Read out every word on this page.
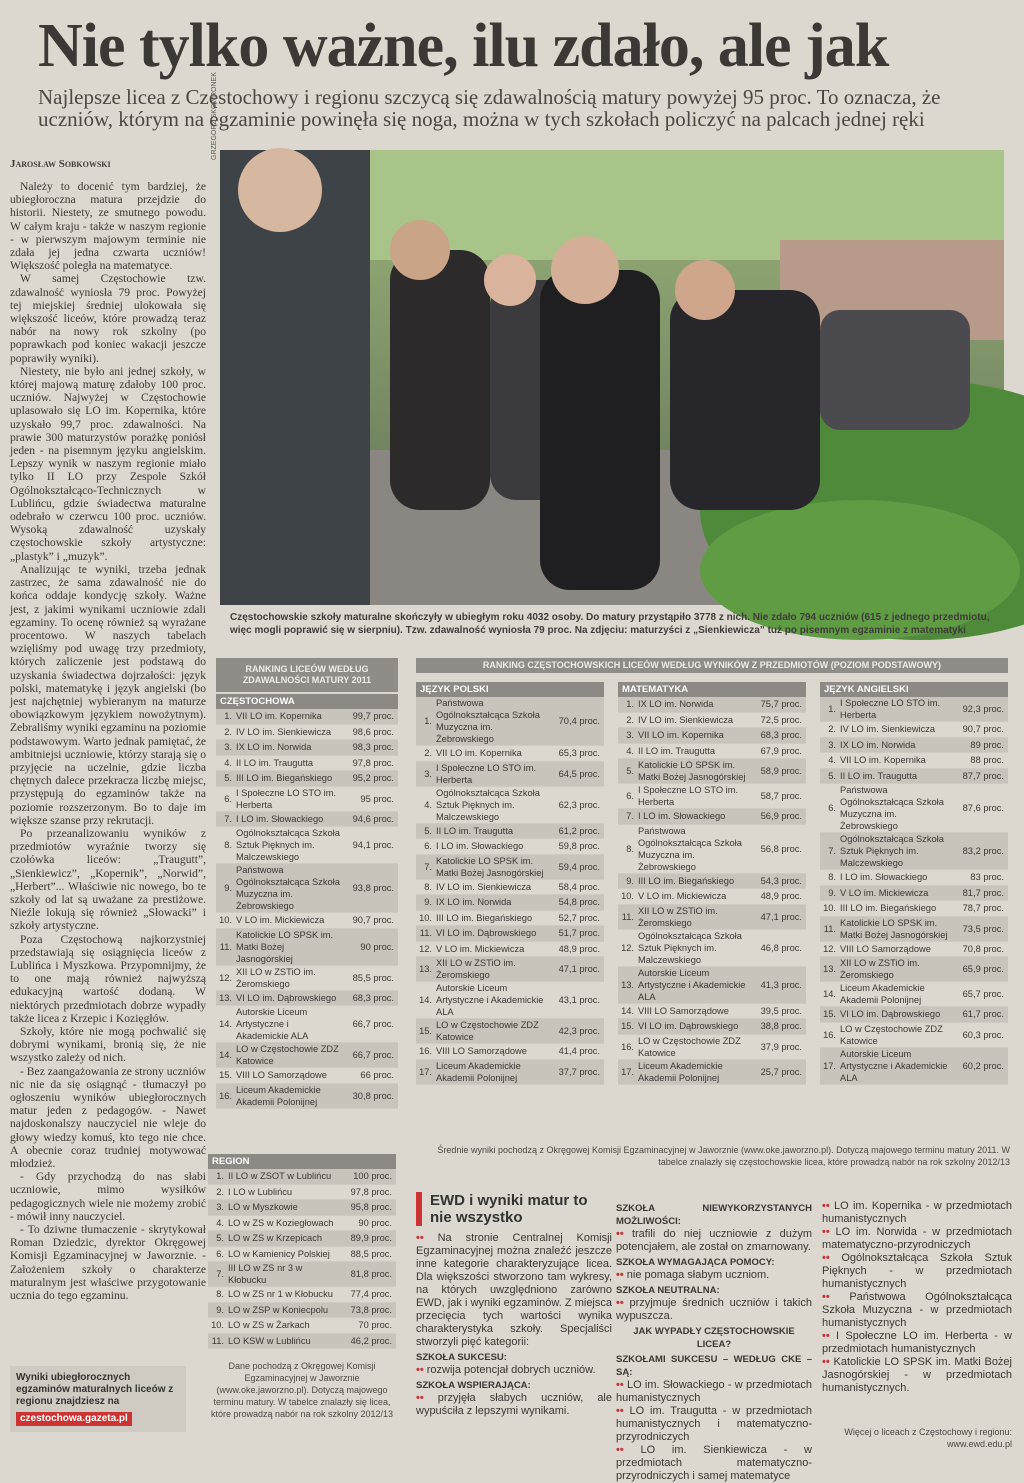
Nie tylko ważne, ilu zdało, ale jak
Najlepsze licea z Częstochowy i regionu szczycą się zdawalnością matury powyżej 95 proc. To oznacza, że uczniów, którym na egzaminie powinęła się noga, można w tych szkołach policzyć na palcach jednej ręki
Jarosław Sobkowski

Należy to docenić tym bardziej, że ubiegłoroczna matura przejdzie do historii. Niestety, ze smutnego powodu. W całym kraju - także w naszym regionie - w pierwszym majowym terminie nie zdała jej jedna czwarta uczniów! Większość poległa na matematyce.

W samej Częstochowie tzw. zdawalność wyniosła 79 proc. Powyżej tej miejskiej średniej ulokowała się większość liceów, które prowadzą teraz nabór na nowy rok szkolny (po poprawkach pod koniec wakacji jeszcze poprawiły wyniki).

Niestety, nie było ani jednej szkoły, w której majową maturę zdałoby 100 proc. uczniów. Najwyżej w Częstochowie uplasowało się LO im. Kopernika, które uzyskało 99,7 proc. zdawalności. Na prawie 300 maturzystów porażkę poniósł jeden - na pisemnym języku angielskim. Lepszy wynik w naszym regionie miało tylko II LO przy Zespole Szkół Ogólnokształcąco-Technicznych w Lublińcu, gdzie świadectwa maturalne odebrało w czerwcu 100 proc. uczniów. Wysoką zdawalność uzyskały częstochowskie szkoły artystyczne: „plastyk” i „muzyk”.

Analizując te wyniki, trzeba jednak zastrzec, że sama zdawalność nie do końca oddaje kondycję szkoły. Ważne jest, z jakimi wynikami uczniowie zdali egzaminy. To ocenę również są wyrażane procentowo. W naszych tabelach wzięliśmy pod uwagę trzy przedmioty, których zaliczenie jest podstawą do uzyskania świadectwa dojrzałości: język polski, matematykę i język angielski (bo jest najchętniej wybieranym na maturze obowiązkowym językiem nowożytnym). Zebraliśmy wyniki egzaminu na poziomie podstawowym. Warto jednak pamiętać, że ambitniejsi uczniowie, którzy starają się o przyjęcie na uczelnie, gdzie liczba chętnych dalece przekracza liczbę miejsc, przystępują do egzaminów także na poziomie rozszerzonym. Bo to daje im większe szanse przy rekrutacji.

Po przeanalizowaniu wyników z przedmiotów wyraźnie tworzy się czołówka liceów: „Traugutt”, „Sienkiewicz”, „Kopernik”, „Norwid”, „Herbert”... Właściwie nic nowego, bo te szkoły od lat są uważane za prestiżowe. Nieźle lokują się również „Słowacki” i szkoły artystyczne.

Poza Częstochową najkorzystniej przedstawiają się osiągnięcia liceów z Lublińca i Myszkowa. Przypomnijmy, że to one mają również najwyższą edukacyjną wartość dodaną. W niektórych przedmiotach dobrze wypadły także licea z Krzepic i Kozięgłów.

Szkoły, które nie mogą pochwalić się dobrymi wynikami, bronią się, że nie wszystko zależy od nich.

- Bez zaangażowania ze strony uczniów nic nie da się osiągnąć - tłumaczył po ogłoszeniu wyników ubiegłorocznych matur jeden z pedagogów. - Nawet najdoskonalszy nauczyciel nie wleje do głowy wiedzy komuś, kto tego nie chce. A obecnie coraz trudniej motywować młodzież.

- Gdy przychodzą do nas słabi uczniowie, mimo wysiłków pedagogicznych wiele nie możemy zrobić - mówił inny nauczyciel.

- To dziwne tłumaczenie - skrytykował Roman Dziedzic, dyrektor Okręgowej Komisji Egzaminacyjnej w Jaworznie. - Założeniem szkoły o charakterze maturalnym jest właściwe przygotowanie ucznia do tego egzaminu.

GRZEGORZ SKOWRONEK
Częstochowskie szkoły maturalne skończyły w ubiegłym roku 4032 osoby. Do matury przystąpiło 3778 z nich. Nie zdało 794 uczniów (615 z jednego przedmiotu, więc mogli poprawić się w sierpniu). Tzw. zdawalność wyniosła 79 proc. Na zdjęciu: maturzyści z „Sienkiewicza” tuż po pisemnym egzaminie z matematyki
RANKING LICEÓW WEDŁUG ZDAWALNOŚCI MATURY 2011
CZĘSTOCHOWA
1. VII LO im. Kopernika	99,7 proc.
2. IV LO im. Sienkiewicza	98,6 proc.
3. IX LO im. Norwida	98,3 proc.
4. II LO im. Traugutta	97,8 proc.
5. III LO im. Biegańskiego	95,2 proc.
6.
I Społeczne LO STO im. Herberta
95 proc.
7. I LO im. Słowackiego	94,6 proc.
8.
Ogólnokształcąca Szkoła Sztuk Pięknych im. Malczewskiego
94,1 proc.
9.
Państwowa Ogólnokształcąca Szkoła Muzyczna im. Żebrowskiego
93,8 proc.
10. V LO im. Mickiewicza	90,7 proc.
11.
Katolickie LO SPSK im. Matki Bożej Jasnogórskiej
90 proc.
12.
XII LO w ZSTiO im. Żeromskiego
85,5 proc.
13. VI LO im. Dąbrowskiego	68,3 proc.
14.
Autorskie Liceum Artystyczne i Akademickie ALA
66,7 proc.
14.
LO w Częstochowie ZDZ Katowice
66,7 proc.
15. VIII LO Samorządowe	66 proc.
16.
Liceum Akademickie Akademii Polonijnej
30,8 proc.
REGION
1. II LO w ZSOT w Lublińcu	100 proc.
2. I LO w Lublińcu	97,8 proc.
3. LO w Myszkowie	95,8 proc.
4. LO w ZS w Koziegłowach	90 proc.
5. LO w ZS w Krzepicach	89,9 proc.
6. LO w Kamienicy Polskiej	88,5 proc.
7.
III LO w ZS nr 3 w Kłobucku
81,8 proc.
8. LO w ZS nr 1 w Kłobucku	77,4 proc.
9. LO w ZSP w Koniecpolu	73,8 proc.
10. LO w ZS w Żarkach	70 proc.
11. LO KSW w Lublińcu	46,2 proc.
Dane pochodzą z Okręgowej Komisji Egzaminacyjnej w Jaworznie (www.oke.jaworzno.pl). Dotyczą majowego terminu matury. W tabelce znalazły się licea, które prowadzą nabór na rok szkolny 2012/13
RANKING CZĘSTOCHOWSKICH LICEÓW WEDŁUG WYNIKÓW Z PRZEDMIOTÓW (POZIOM PODSTAWOWY)
JĘZYK POLSKI
1.
Państwowa Ogólnokształcąca Szkoła Muzyczna im. Żebrowskiego
70,4 proc.
2. VII LO im. Kopernika	65,3 proc.
3.
I Społeczne LO STO im. Herberta
64,5 proc.
4.
Ogólnokształcąca Szkoła Sztuk Pięknych im. Malczewskiego
62,3 proc.
5. II LO im. Traugutta	61,2 proc.
6. I LO im. Słowackiego	59,8 proc.
7.
Katolickie LO SPSK im. Matki Bożej Jasnogórskiej
59,4 proc.
8. IV LO im. Sienkiewicza	58,4 proc.
9. IX LO im. Norwida	54,8 proc.
10. III LO im. Biegańskiego	52,7 proc.
11. VI LO im. Dąbrowskiego	51,7 proc.
12. V LO im. Mickiewicza	48,9 proc.
13.
XII LO w ZSTiO im. Żeromskiego
47,1 proc.
14.
Autorskie Liceum Artystyczne i Akademickie ALA
43,1 proc.
15.
LO w Częstochowie ZDZ Katowice
42,3 proc.
16. VIII LO Samorządowe	41,4 proc.
17.
Liceum Akademickie Akademii Polonijnej
37,7 proc.
MATEMATYKA
1. IX LO im. Norwida	75,7 proc.
2. IV LO im. Sienkiewicza	72,5 proc.
3. VII LO im. Kopernika	68,3 proc.
4. II LO im. Traugutta	67,9 proc.
5.
Katolickie LO SPSK im. Matki Bożej Jasnogórskiej
58,9 proc.
6.
I Społeczne LO STO im. Herberta
58,7 proc.
7. I LO im. Słowackiego	56,9 proc.
8.
Państwowa Ogólnokształcąca Szkoła Muzyczna im. Żebrowskiego
56,8 proc.
9. III LO im. Biegańskiego	54,3 proc.
10. V LO im. Mickiewicza	48,9 proc.
11.
XII LO w ZSTiO im. Żeromskiego
47,1 proc.
12.
Ogólnokształcąca Szkoła Sztuk Pięknych im. Malczewskiego
46,8 proc.
13.
Autorskie Liceum Artystyczne i Akademickie ALA
41,3 proc.
14. VIII LO Samorządowe	39,5 proc.
15. VI LO im. Dąbrowskiego	38,8 proc.
16.
LO w Częstochowie ZDZ Katowice
37,9 proc.
17.
Liceum Akademickie Akademii Polonijnej
25,7 proc.
JĘZYK ANGIELSKI
1.
I Społeczne LO STO im. Herberta
92,3 proc.
2. IV LO im. Sienkiewicza	90,7 proc.
3. IX LO im. Norwida	89 proc.
4. VII LO im. Kopernika	88 proc.
5. II LO im. Traugutta	87,7 proc.
6.
Państwowa Ogólnokształcąca Szkoła Muzyczna im. Żebrowskiego
87,6 proc.
7.
Ogólnokształcąca Szkoła Sztuk Pięknych im. Malczewskiego
83,2 proc.
8. I LO im. Słowackiego	83 proc.
9. V LO im. Mickiewicza	81,7 proc.
10. III LO im. Biegańskiego	78,7 proc.
11.
Katolickie LO SPSK im. Matki Bożej Jasnogórskiej
73,5 proc.
12. VIII LO Samorządowe	70,8 proc.
13.
XII LO w ZSTiO im. Żeromskiego
65,9 proc.
14.
Liceum Akademickie Akademii Polonijnej
65,7 proc.
15. VI LO im. Dąbrowskiego	61,7 proc.
16.
LO w Częstochowie ZDZ Katowice
60,3 proc.
17.
Autorskie Liceum Artystyczne i Akademickie ALA
60,2 proc.
Średnie wyniki pochodzą z Okręgowej Komisji Egzaminacyjnej w Jaworznie (www.oke.jaworzno.pl). Dotyczą majowego terminu matury 2011. W tabelce znalazły się częstochowskie licea, które prowadzą nabór na rok szkolny 2012/13
EWD i wyniki matur to nie wszystko
•• Na stronie Centralnej Komisji Egzaminacyjnej można znaleźć jeszcze inne kategorie charakteryzujące licea. Dla większości stworzono tam wykresy, na których uwzględniono zarówno EWD, jak i wyniki egzaminów. Z miejsca przecięcia tych wartości wynika charakterystyka szkoły. Specjaliści stworzyli pięć kategorii:
SZKOŁA SUKCESU:
•• rozwija potencjał dobrych uczniów.
SZKOŁA WSPIERAJĄCA:
•• przyjęła słabych uczniów, ale wypuściła z lepszymi wynikami.
SZKOŁA NIEWYKORZYSTANYCH MOŻLIWOŚCI:
•• trafili do niej uczniowie z dużym potencjałem, ale został on zmarnowany.
SZKOŁA WYMAGAJĄCA POMOCY:
•• nie pomaga słabym uczniom.
SZKOŁA NEUTRALNA:
•• przyjmuje średnich uczniów i takich wypuszcza.
JAK WYPADŁY CZĘSTOCHOWSKIE LICEA?
SZKOŁAMI SUKCESU – WEDŁUG CKE – SĄ:
•• LO im. Słowackiego - w przedmiotach humanistycznych
•• LO im. Traugutta - w przedmiotach humanistycznych i matematyczno-przyrodniczych
•• LO im. Sienkiewicza - w przedmiotach matematyczno-przyrodniczych i samej matematyce
•• LO im. Kopernika - w przedmiotach humanistycznych
•• LO im. Norwida - w przedmiotach matematyczno-przyrodniczych
•• Ogólnokształcąca Szkoła Sztuk Pięknych - w przedmiotach humanistycznych
•• Państwowa Ogólnokształcąca Szkoła Muzyczna - w przedmiotach humanistycznych
•• I Społeczne LO im. Herberta - w przedmiotach humanistycznych
•• Katolickie LO SPSK im. Matki Bożej Jasnogórskiej - w przedmiotach humanistycznych.
Więcej o liceach z Częstochowy i regionu:
www.ewd.edu.pl
Wyniki ubiegłorocznych egzaminów maturalnych liceów z regionu znajdziesz na
czestochowa.gazeta.pl
